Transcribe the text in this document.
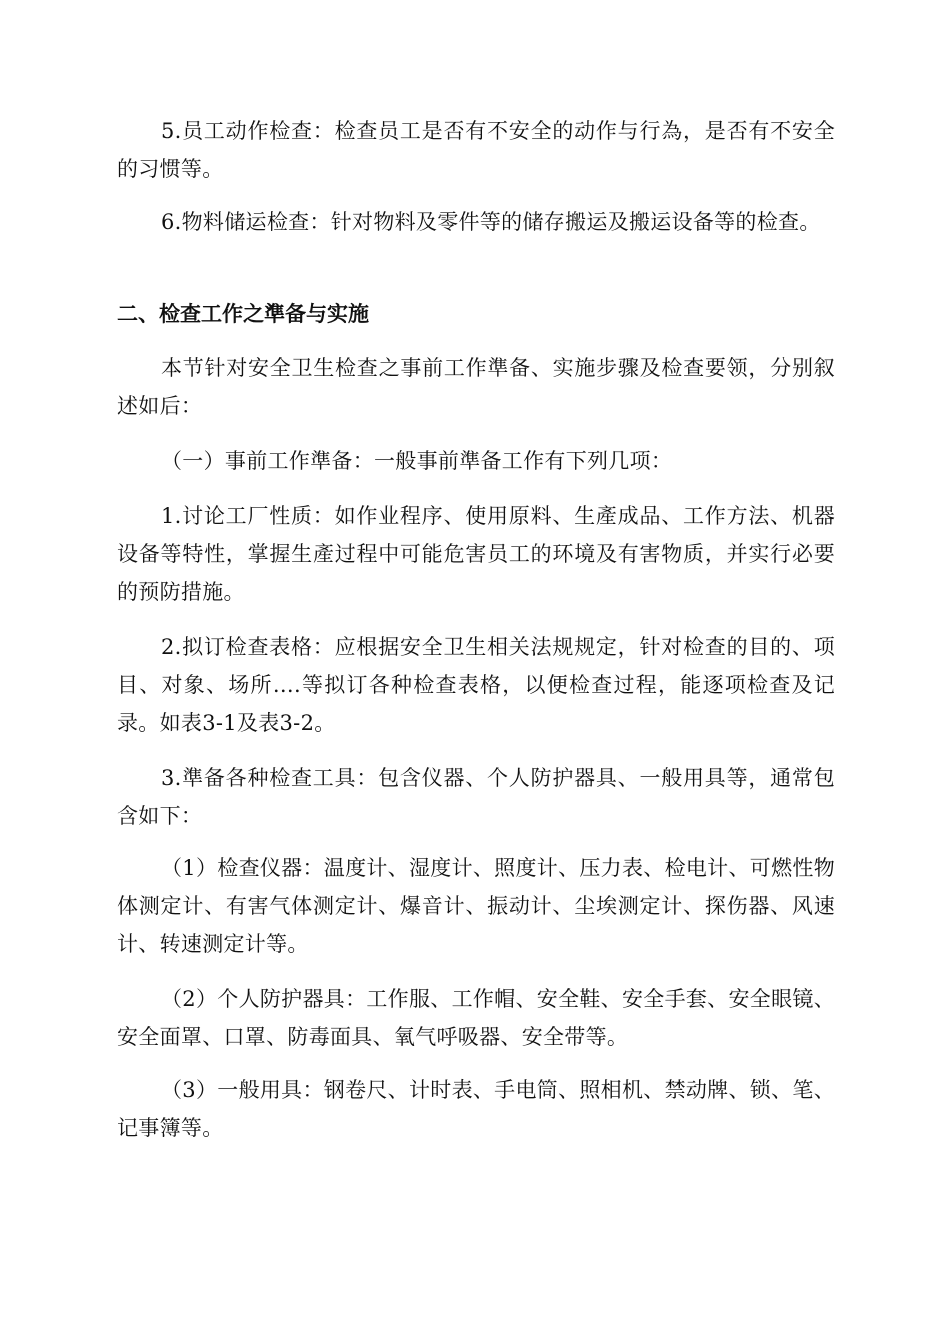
5.员工动作检查：检查员工是否有不安全的动作与行為，是否有不安全的习惯等。

6.物料储运检查：针对物料及零件等的储存搬运及搬运设备等的检查。

二、检查工作之準备与实施

本节针对安全卫生检查之事前工作準备、实施步骤及检查要领，分别叙述如后：

（一）事前工作準备：一般事前準备工作有下列几项：

1.讨论工厂性质：如作业程序、使用原料、生產成品、工作方法、机器设备等特性，掌握生產过程中可能危害员工的环境及有害物质，并实行必要的预防措施。

2.拟订检查表格：应根据安全卫生相关法规规定，针对检查的目的、项目、对象、场所….等拟订各种检查表格，以便检查过程，能逐项检查及记录。如表3-1及表3-2。

3.準备各种检查工具：包含仪器、个人防护器具、一般用具等，通常包含如下：

（1）检查仪器：温度计、湿度计、照度计、压力表、检电计、可燃性物体测定计、有害气体测定计、爆音计、振动计、尘埃测定计、探伤器、风速计、转速测定计等。

（2）个人防护器具：工作服、工作帽、安全鞋、安全手套、安全眼镜、安全面罩、口罩、防毒面具、氧气呼吸器、安全带等。

（3）一般用具：钢卷尺、计时表、手电筒、照相机、禁动牌、锁、笔、记事簿等。
